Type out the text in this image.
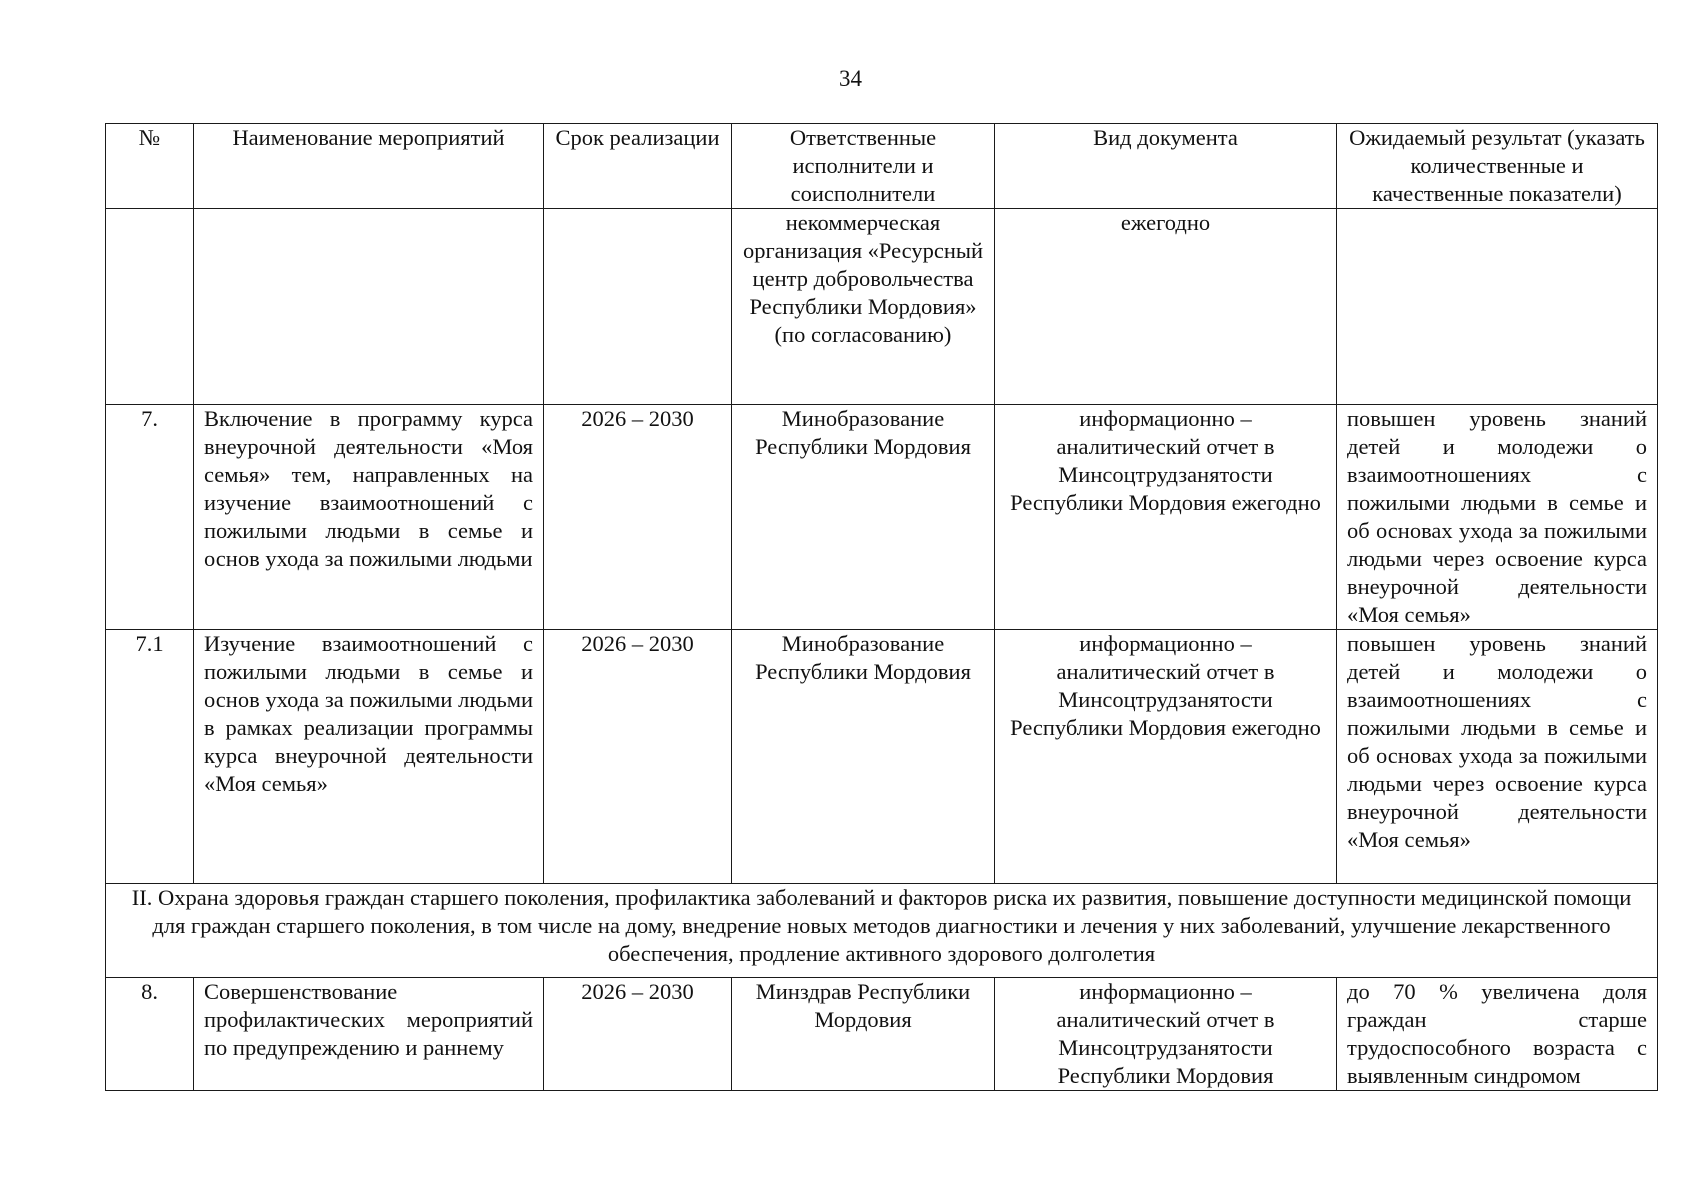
34
№	Наименование мероприятий	Срок реализации	Ответственные исполнители и соисполнители	Вид документа	Ожидаемый результат (указать количественные и качественные показатели)
			некоммерческая организация «Ресурсный центр добровольчества Республики Мордовия» (по согласованию)	ежегодно	
7.	Включение в программу курса внеурочной деятельности «Моя семья» тем, направленных на изучение взаимоотношений с пожилыми людьми в семье и основ ухода за пожилыми людьми	2026 – 2030	Минобразование Республики Мордовия	информационно – аналитический отчет в Минсоцтрудзанятости Республики Мордовия ежегодно	повышен уровень знаний детей и молодежи о взаимоотношениях с пожилыми людьми в семье и об основах ухода за пожилыми людьми через освоение курса внеурочной деятельности «Моя семья»
7.1	Изучение взаимоотношений с пожилыми людьми в семье и основ ухода за пожилыми людьми в рамках реализации программы курса внеурочной деятельности «Моя семья»	2026 – 2030	Минобразование Республики Мордовия	информационно – аналитический отчет в Минсоцтрудзанятости Республики Мордовия ежегодно	повышен уровень знаний детей и молодежи о взаимоотношениях с пожилыми людьми в семье и об основах ухода за пожилыми людьми через освоение курса внеурочной деятельности «Моя семья»
II. Охрана здоровья граждан старшего поколения, профилактика заболеваний и факторов риска их развития, повышение доступности медицинской помощи для граждан старшего поколения, в том числе на дому, внедрение новых методов диагностики и лечения у них заболеваний, улучшение лекарственного обеспечения, продление активного здорового долголетия					
8.	Совершенствование профилактических мероприятий по предупреждению и раннему	2026 – 2030	Минздрав Республики Мордовия	информационно – аналитический отчет в Минсоцтрудзанятости Республики Мордовия	до 70 % увеличена доля граждан старше трудоспособного возраста с выявленным синдромом
